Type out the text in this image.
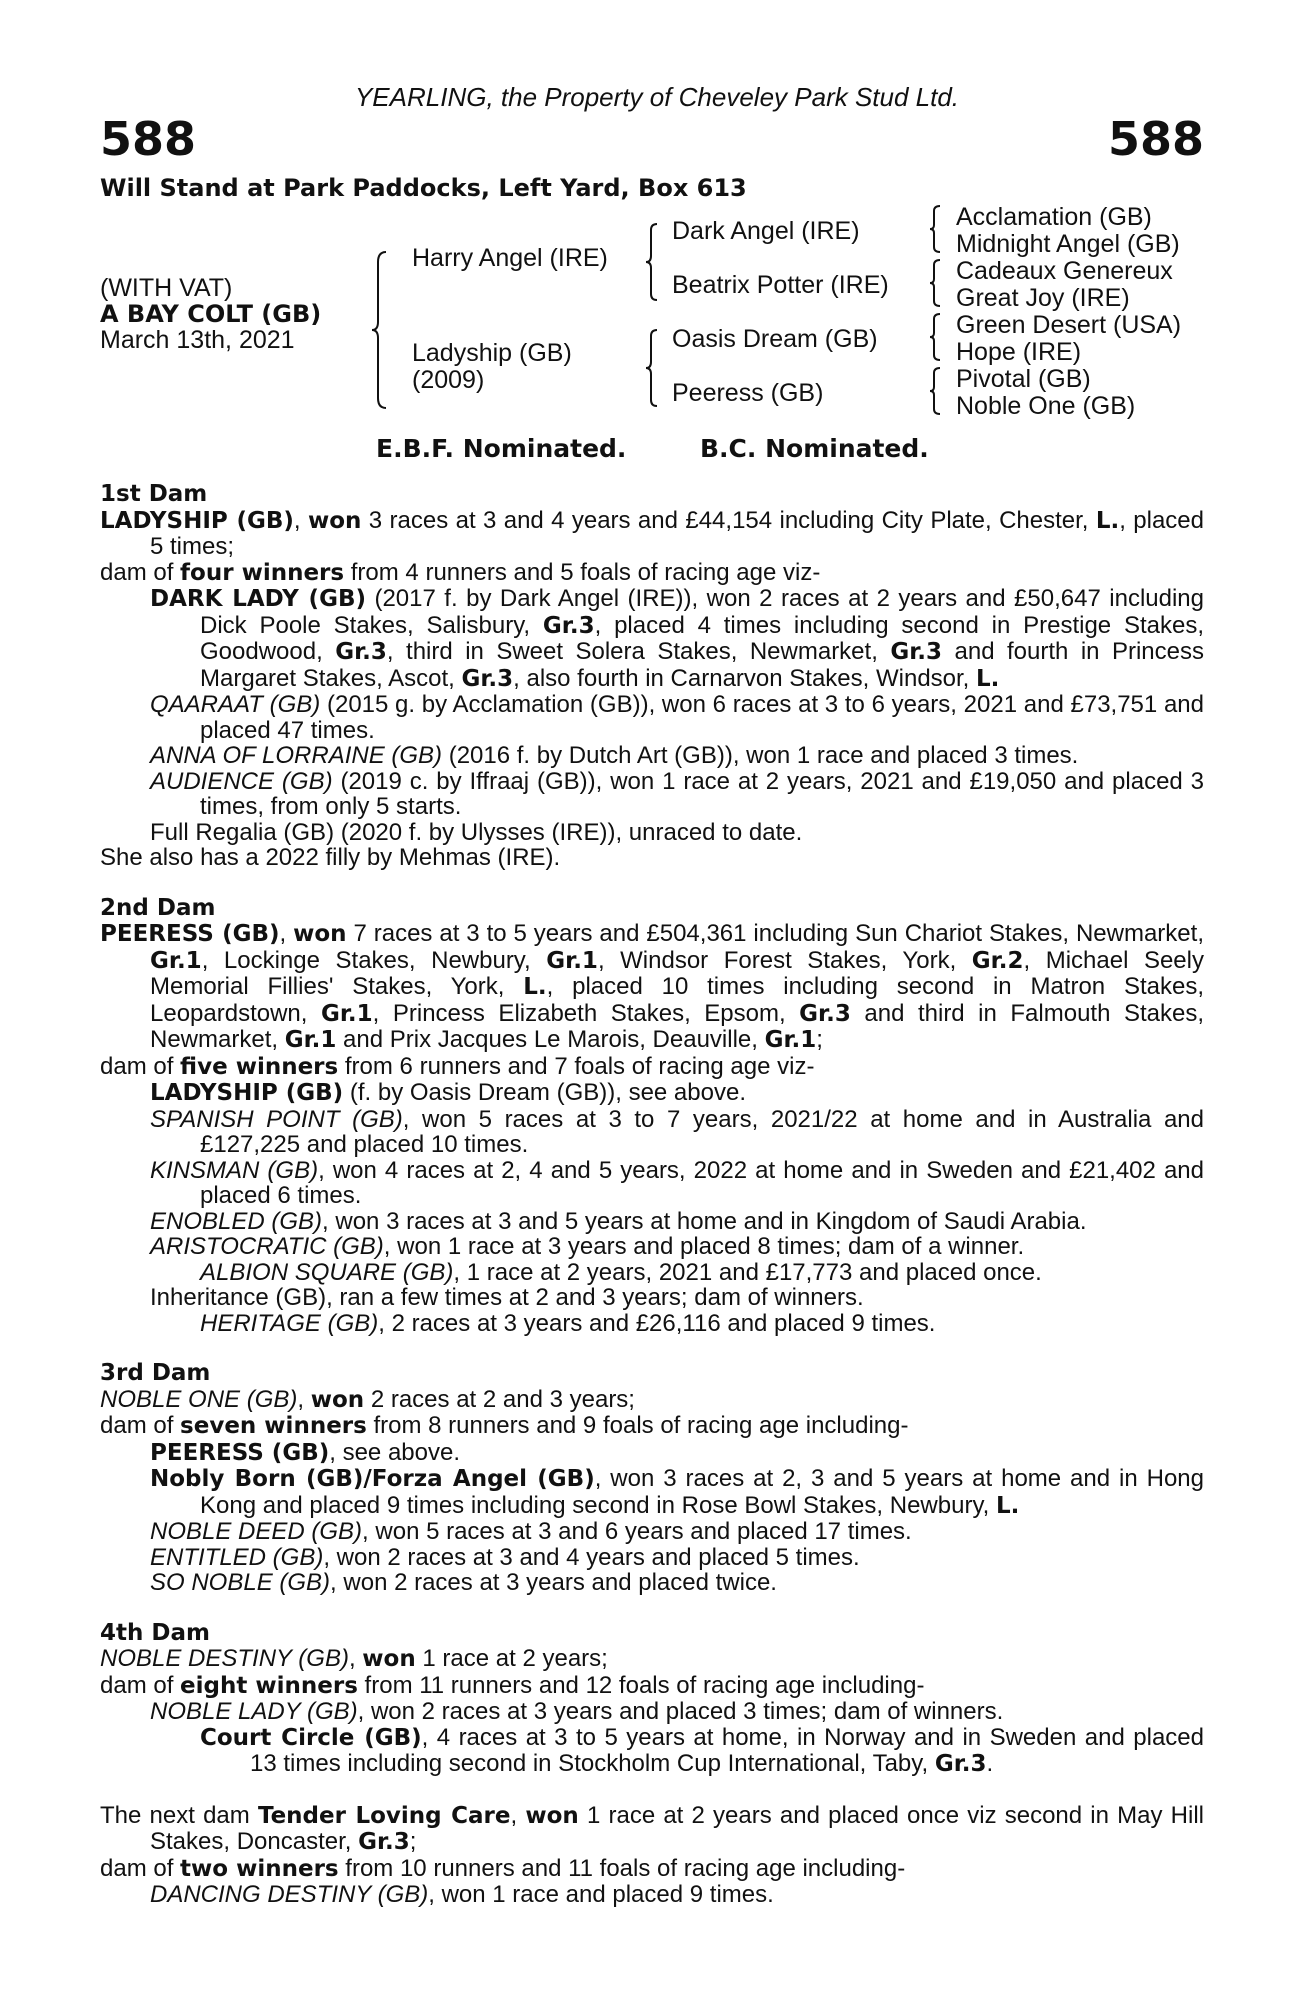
YEARLING, the Property of Cheveley Park Stud Ltd.
588	588
Will Stand at Park Paddocks, Left Yard, Box 613
(WITH VAT)
A BAY COLT (GB)
March 13th, 2021
Harry Angel (IRE)
Ladyship (GB)
(2009)
Dark Angel (IRE)
Beatrix Potter (IRE)
Oasis Dream (GB)
Peeress (GB)
Acclamation (GB)
Midnight Angel (GB)
Cadeaux Genereux
Great Joy (IRE)
Green Desert (USA)
Hope (IRE)
Pivotal (GB)
Noble One (GB)
E.B.F. Nominated.	B.C. Nominated.
1st Dam
LADYSHIP (GB), won 3 races at 3 and 4 years and £44,154 including City Plate, Chester, L., placed 5 times;
dam of four winners from 4 runners and 5 foals of racing age viz-
DARK LADY (GB) (2017 f. by Dark Angel (IRE)), won 2 races at 2 years and £50,647 including Dick Poole Stakes, Salisbury, Gr.3, placed 4 times including second in Prestige Stakes, Goodwood, Gr.3, third in Sweet Solera Stakes, Newmarket, Gr.3 and fourth in Princess Margaret Stakes, Ascot, Gr.3, also fourth in Carnarvon Stakes, Windsor, L.
QAARAAT (GB) (2015 g. by Acclamation (GB)), won 6 races at 3 to 6 years, 2021 and £73,751 and placed 47 times.
ANNA OF LORRAINE (GB) (2016 f. by Dutch Art (GB)), won 1 race and placed 3 times.
AUDIENCE (GB) (2019 c. by Iffraaj (GB)), won 1 race at 2 years, 2021 and £19,050 and placed 3 times, from only 5 starts.
Full Regalia (GB) (2020 f. by Ulysses (IRE)), unraced to date.
She also has a 2022 filly by Mehmas (IRE).
2nd Dam
PEERESS (GB), won 7 races at 3 to 5 years and £504,361 including Sun Chariot Stakes, Newmarket, Gr.1, Lockinge Stakes, Newbury, Gr.1, Windsor Forest Stakes, York, Gr.2, Michael Seely Memorial Fillies' Stakes, York, L., placed 10 times including second in Matron Stakes, Leopardstown, Gr.1, Princess Elizabeth Stakes, Epsom, Gr.3 and third in Falmouth Stakes, Newmarket, Gr.1 and Prix Jacques Le Marois, Deauville, Gr.1;
dam of five winners from 6 runners and 7 foals of racing age viz-
LADYSHIP (GB) (f. by Oasis Dream (GB)), see above.
SPANISH POINT (GB), won 5 races at 3 to 7 years, 2021/22 at home and in Australia and £127,225 and placed 10 times.
KINSMAN (GB), won 4 races at 2, 4 and 5 years, 2022 at home and in Sweden and £21,402 and placed 6 times.
ENOBLED (GB), won 3 races at 3 and 5 years at home and in Kingdom of Saudi Arabia.
ARISTOCRATIC (GB), won 1 race at 3 years and placed 8 times; dam of a winner.
ALBION SQUARE (GB), 1 race at 2 years, 2021 and £17,773 and placed once.
Inheritance (GB), ran a few times at 2 and 3 years; dam of winners.
HERITAGE (GB), 2 races at 3 years and £26,116 and placed 9 times.
3rd Dam
NOBLE ONE (GB), won 2 races at 2 and 3 years;
dam of seven winners from 8 runners and 9 foals of racing age including-
PEERESS (GB), see above.
Nobly Born (GB)/Forza Angel (GB), won 3 races at 2, 3 and 5 years at home and in Hong Kong and placed 9 times including second in Rose Bowl Stakes, Newbury, L.
NOBLE DEED (GB), won 5 races at 3 and 6 years and placed 17 times.
ENTITLED (GB), won 2 races at 3 and 4 years and placed 5 times.
SO NOBLE (GB), won 2 races at 3 years and placed twice.
4th Dam
NOBLE DESTINY (GB), won 1 race at 2 years;
dam of eight winners from 11 runners and 12 foals of racing age including-
NOBLE LADY (GB), won 2 races at 3 years and placed 3 times; dam of winners.
Court Circle (GB), 4 races at 3 to 5 years at home, in Norway and in Sweden and placed 13 times including second in Stockholm Cup International, Taby, Gr.3.
The next dam Tender Loving Care, won 1 race at 2 years and placed once viz second in May Hill Stakes, Doncaster, Gr.3;
dam of two winners from 10 runners and 11 foals of racing age including-
DANCING DESTINY (GB), won 1 race and placed 9 times.
